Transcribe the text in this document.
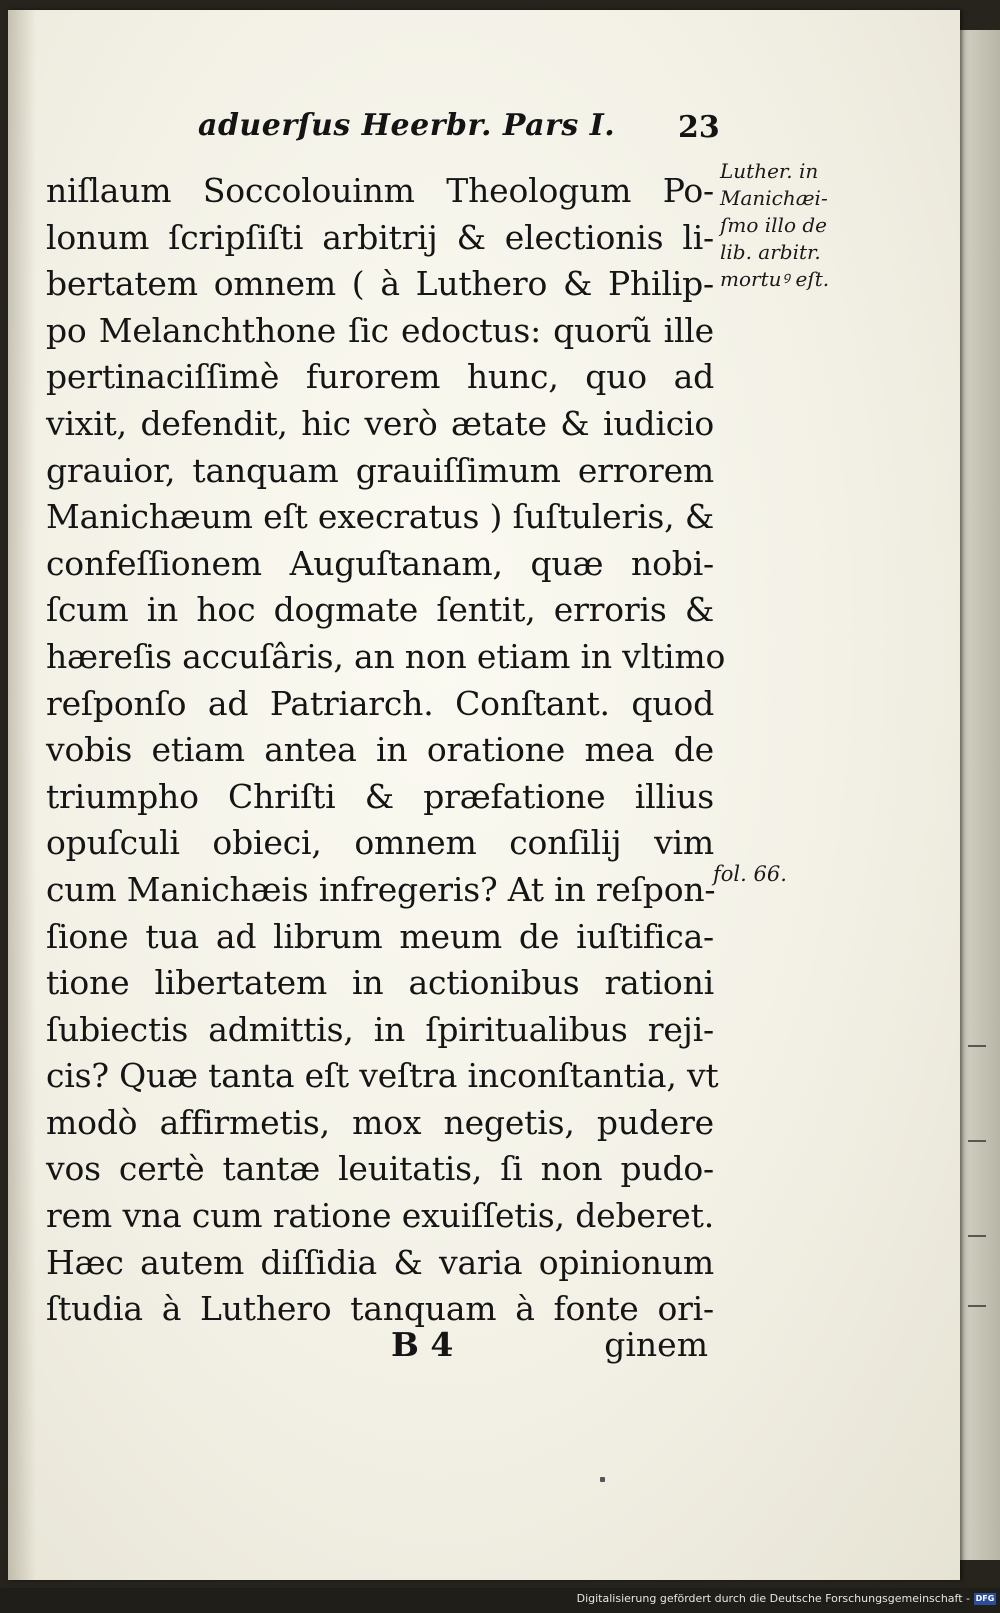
aduerſus Heerbr. Pars I. 23
niſlaum Soccolouinm Theologum Po-
lonum ſcripſiſti arbitrij & electionis li-
bertatem omnem ( à Luthero & Philip-
po Melanchthone ſic edoctus: quorũ ille
pertinaciſſimè furorem hunc, quo ad
vixit, defendit, hic verò ætate & iudicio
grauior, tanquam grauiſſimum errorem
Manichæum eſt execratus ) ſuſtuleris, &
confeſſionem Auguſtanam, quæ nobi-
ſcum in hoc dogmate ſentit, erroris &
hæreſis accuſâris, an non etiam in vltimo
reſponſo ad Patriarch. Conſtant. quod
vobis etiam antea in oratione mea de
triumpho Chriſti & præfatione illius
opuſculi obieci, omnem conſilij vim
cum Manichæis infregeris? At in reſpon-
ſione tua ad librum meum de iuſtifica-
tione libertatem in actionibus rationi
ſubiectis admittis, in ſpiritualibus reji-
cis? Quæ tanta eſt veſtra inconſtantia, vt
modò affirmetis, mox negetis, pudere
vos certè tantæ leuitatis, ſi non pudo-
rem vna cum ratione exuiſſetis, deberet.
Hæc autem diſſidia & varia opinionum
ſtudia à Luthero tanquam à fonte ori-
B 4	ginem
Luther. in
Manichæi-
ſmo illo de
lib. arbitr.
mortuꝰ eſt.
fol. 66.
Digitalisierung gefördert durch die Deutsche Forschungsgemeinschaft - DFG
